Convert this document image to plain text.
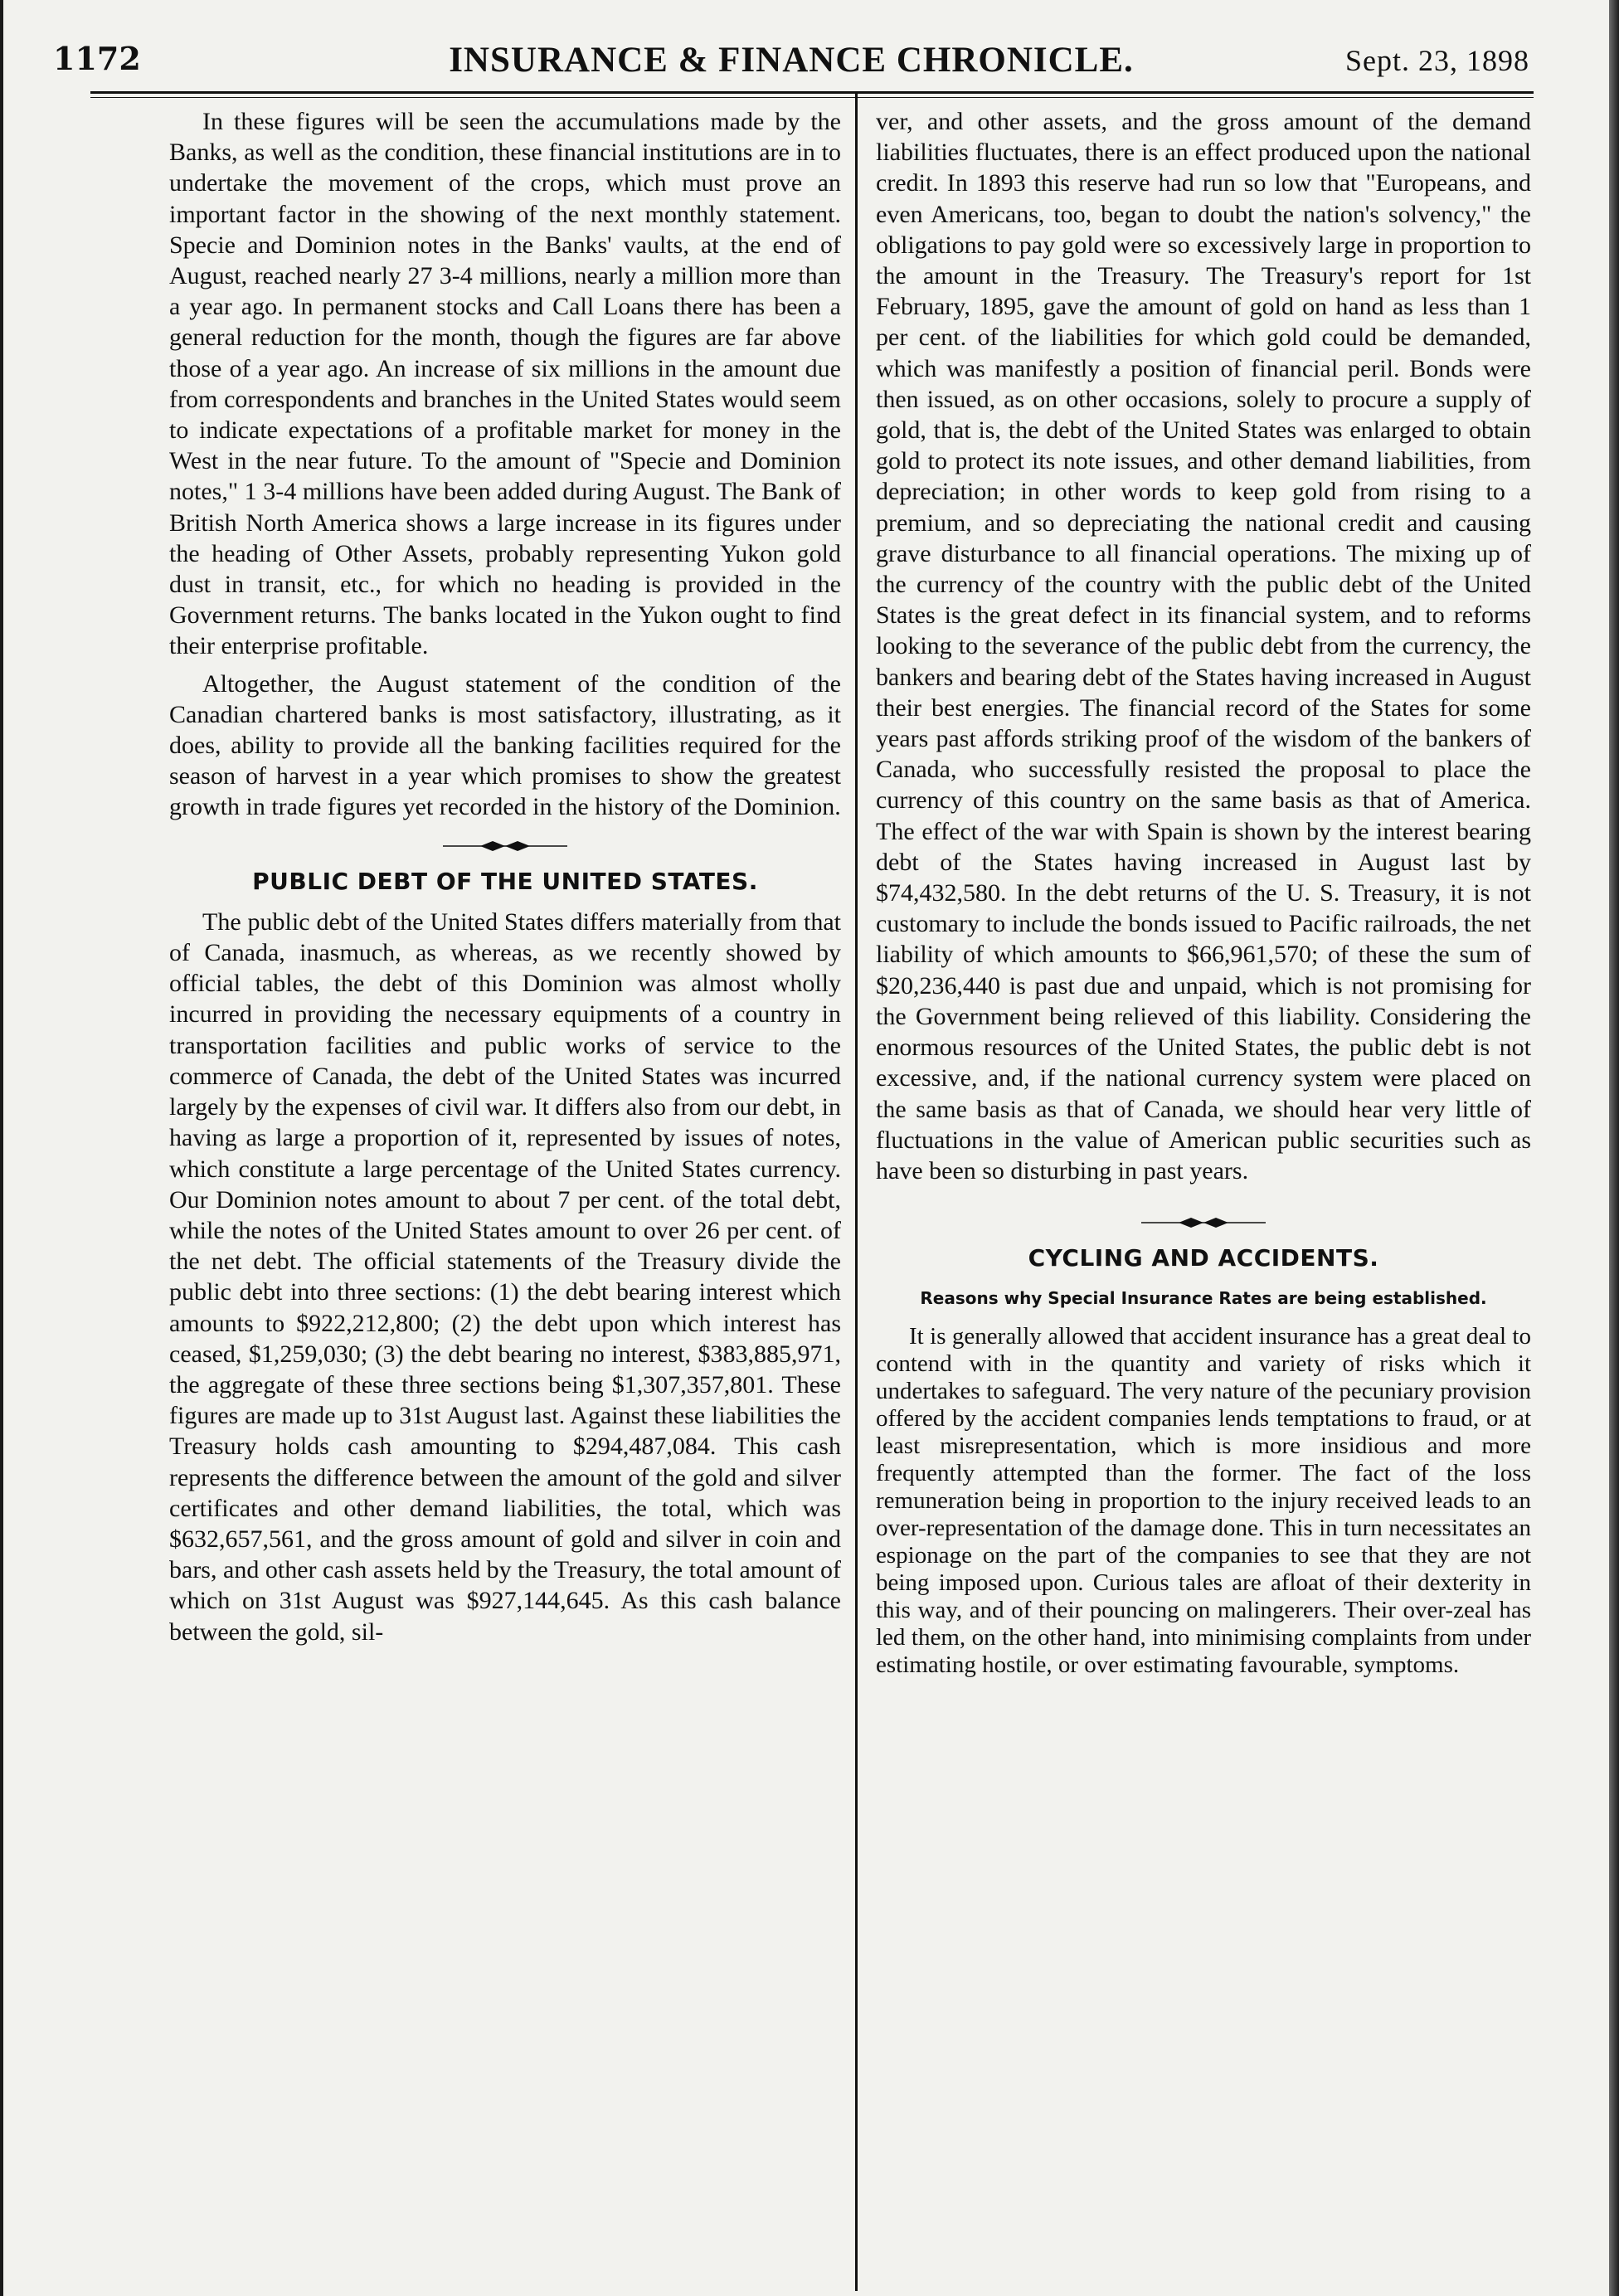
1172	INSURANCE & FINANCE CHRONICLE.	Sept. 23, 1898

In these figures will be seen the accumulations made by the Banks, as well as the condition, these financial institutions are in to undertake the movement of the crops, which must prove an important factor in the showing of the next monthly statement. Specie and Dominion notes in the Banks' vaults, at the end of August, reached nearly 27 3-4 millions, nearly a million more than a year ago. In permanent stocks and Call Loans there has been a general reduction for the month, though the figures are far above those of a year ago. An increase of six millions in the amount due from correspondents and branches in the United States would seem to indicate expectations of a profitable market for money in the West in the near future. To the amount of "Specie and Dominion notes," 1 3-4 millions have been added during August. The Bank of British North America shows a large increase in its figures under the heading of Other Assets, probably representing Yukon gold dust in transit, etc., for which no heading is provided in the Government returns. The banks located in the Yukon ought to find their enterprise profitable.

Altogether, the August statement of the condition of the Canadian chartered banks is most satisfactory, illustrating, as it does, ability to provide all the banking facilities required for the season of harvest in a year which promises to show the greatest growth in trade figures yet recorded in the history of the Dominion.

PUBLIC DEBT OF THE UNITED STATES.

The public debt of the United States differs materially from that of Canada, inasmuch, as whereas, as we recently showed by official tables, the debt of this Dominion was almost wholly incurred in providing the necessary equipments of a country in transportation facilities and public works of service to the commerce of Canada, the debt of the United States was incurred largely by the expenses of civil war. It differs also from our debt, in having as large a proportion of it, represented by issues of notes, which constitute a large percentage of the United States currency. Our Dominion notes amount to about 7 per cent. of the total debt, while the notes of the United States amount to over 26 per cent. of the net debt. The official statements of the Treasury divide the public debt into three sections: (1) the debt bearing interest which amounts to $922,212,800; (2) the debt upon which interest has ceased, $1,259,030; (3) the debt bearing no interest, $383,885,971, the aggregate of these three sections being $1,307,357,801. These figures are made up to 31st August last. Against these liabilities the Treasury holds cash amounting to $294,487,084. This cash represents the difference between the amount of the gold and silver certificates and other demand liabilities, the total, which was $632,657,561, and the gross amount of gold and silver in coin and bars, and other cash assets held by the Treasury, the total amount of which on 31st August was $927,144,645. As this cash balance between the gold, sil-

ver, and other assets, and the gross amount of the demand liabilities fluctuates, there is an effect produced upon the national credit. In 1893 this reserve had run so low that "Europeans, and even Americans, too, began to doubt the nation's solvency," the obligations to pay gold were so excessively large in proportion to the amount in the Treasury. The Treasury's report for 1st February, 1895, gave the amount of gold on hand as less than 1 per cent. of the liabilities for which gold could be demanded, which was manifestly a position of financial peril. Bonds were then issued, as on other occasions, solely to procure a supply of gold, that is, the debt of the United States was enlarged to obtain gold to protect its note issues, and other demand liabilities, from depreciation; in other words to keep gold from rising to a premium, and so depreciating the national credit and causing grave disturbance to all financial operations. The mixing up of the currency of the country with the public debt of the United States is the great defect in its financial system, and to reforms looking to the severance of the public debt from the currency, the bankers and bearing debt of the States having increased in August their best energies. The financial record of the States for some years past affords striking proof of the wisdom of the bankers of Canada, who successfully resisted the proposal to place the currency of this country on the same basis as that of America. The effect of the war with Spain is shown by the interest bearing debt of the States having increased in August last by $74,432,580. In the debt returns of the U. S. Treasury, it is not customary to include the bonds issued to Pacific railroads, the net liability of which amounts to $66,961,570; of these the sum of $20,236,440 is past due and unpaid, which is not promising for the Government being relieved of this liability. Considering the enormous resources of the United States, the public debt is not excessive, and, if the national currency system were placed on the same basis as that of Canada, we should hear very little of fluctuations in the value of American public securities such as have been so disturbing in past years.

CYCLING AND ACCIDENTS.
Reasons why Special Insurance Rates are being established.

It is generally allowed that accident insurance has a great deal to contend with in the quantity and variety of risks which it undertakes to safeguard. The very nature of the pecuniary provision offered by the accident companies lends temptations to fraud, or at least misrepresentation, which is more insidious and more frequently attempted than the former. The fact of the loss remuneration being in proportion to the injury received leads to an over-representation of the damage done. This in turn necessitates an espionage on the part of the companies to see that they are not being imposed upon. Curious tales are afloat of their dexterity in this way, and of their pouncing on malingerers. Their over-zeal has led them, on the other hand, into minimising complaints from under estimating hostile, or over estimating favourable, symptoms.
